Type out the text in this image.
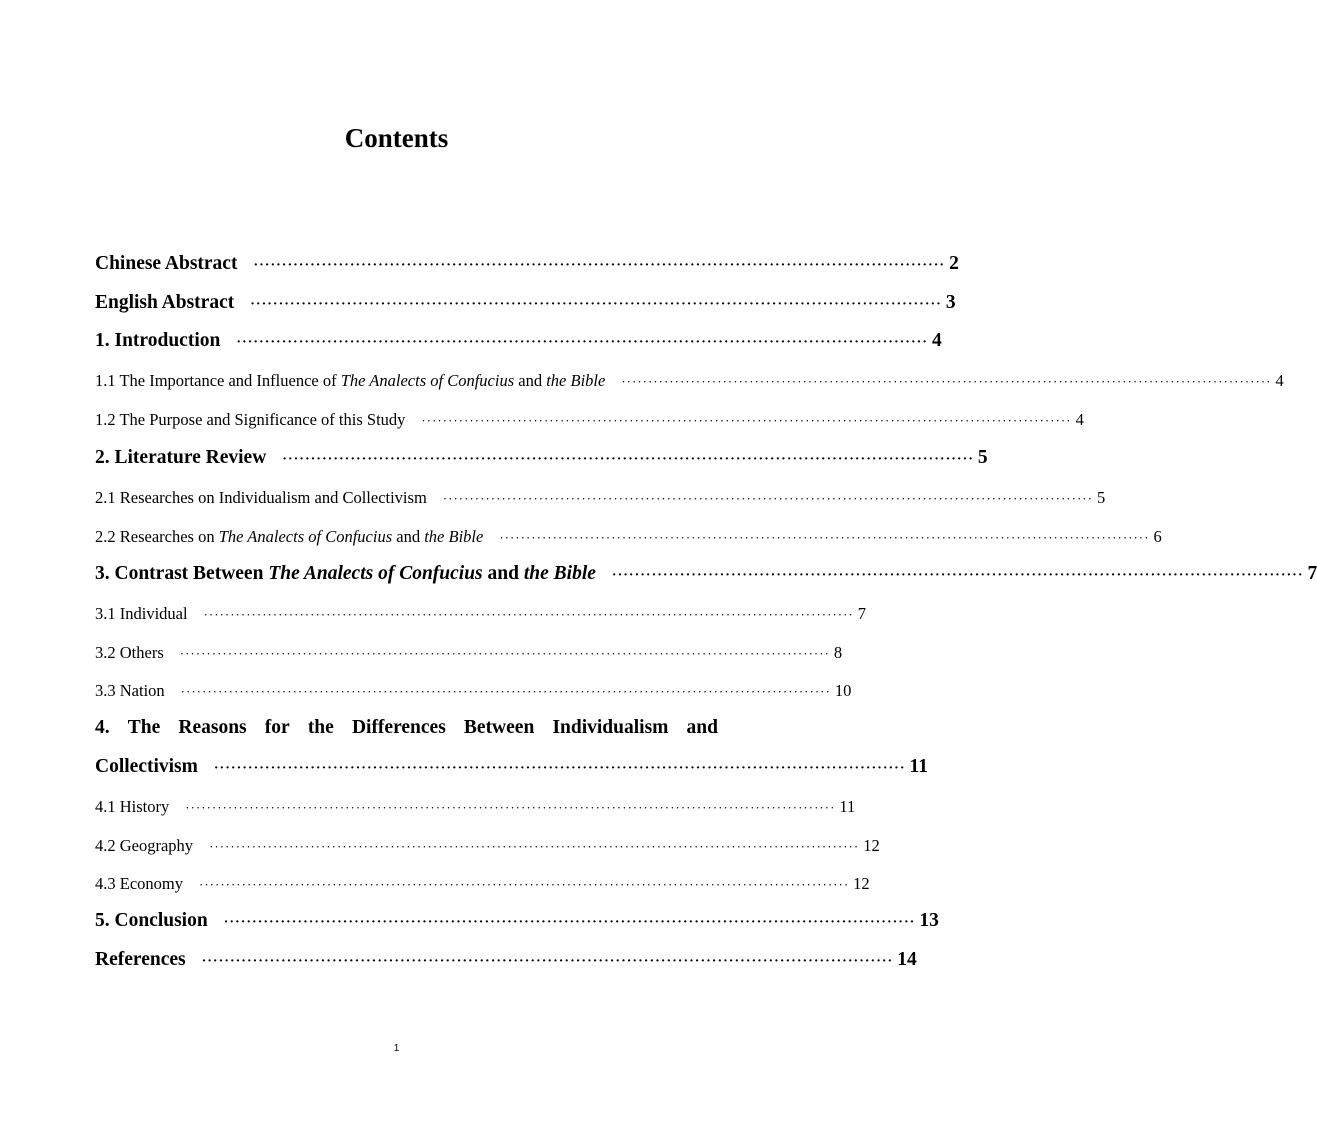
Contents
4. The Reasons for the Differences Between Individualism and
Chinese Abstract ·························································································································· 2
English Abstract ·························································································································· 3
1. Introduction ·························································································································· 4
1.1 The Importance and Influence of The Analects of Confucius and the Bible ·························································································································· 4
1.2 The Purpose and Significance of this Study ·························································································································· 4
2. Literature Review ·························································································································· 5
2.1 Researches on Individualism and Collectivism ·························································································································· 5
2.2 Researches on The Analects of Confucius and the Bible ·························································································································· 6
3. Contrast Between The Analects of Confucius and the Bible ·························································································································· 7
3.1 Individual ·························································································································· 7
3.2 Others ·························································································································· 8
3.3 Nation ·························································································································· 10
Collectivism ·························································································································· 11
4.1 History ·························································································································· 11
4.2 Geography ·························································································································· 12
4.3 Economy ·························································································································· 12
5. Conclusion ·························································································································· 13
References ·························································································································· 14
1
